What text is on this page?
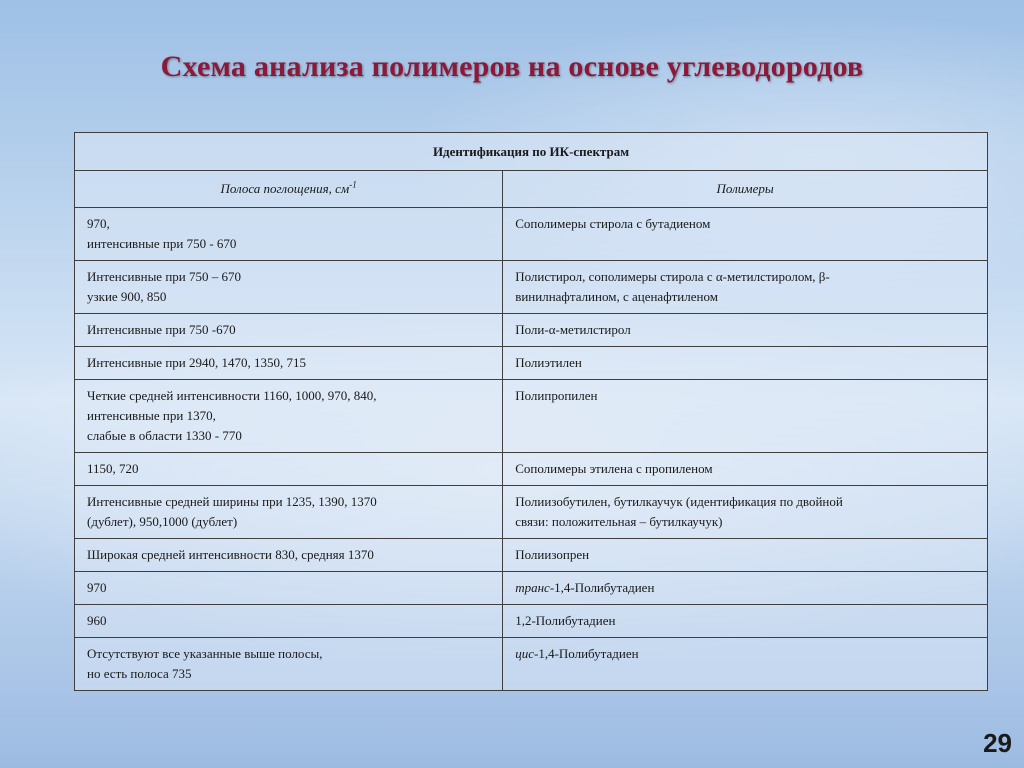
Схема анализа полимеров на основе углеводородов
Идентификация по ИК-спектрам	
Полоса поглощения, $см^{-1}$	Полимеры

970,
интенсивные при 750 - 670	Сополимеры стирола с бутадиеном

Интенсивные при 750 – 670
узкие 900, 850	Полистирол, сополимеры стирола с α-метилстиролом, β-
винилнафталином, с аценафтиленом

Интенсивные при 750 -670	Поли-α-метилстирол

Интенсивные при 2940, 1470, 1350, 715	Полиэтилен

Четкие средней интенсивности 1160, 1000, 970, 840,
интенсивные при 1370,
слабые в области 1330 - 770	Полипропилен

1150, 720	Сополимеры этилена с пропиленом

Интенсивные средней ширины при 1235, 1390, 1370
(дублет), 950,1000 (дублет)	Полиизобутилен, бутилкаучук (идентификация по двойной
связи: положительная – бутилкаучук)

Широкая средней интенсивности 830, средняя 1370	Полиизопрен

970	транс-1,4-Полибутадиен

960	1,2-Полибутадиен

Отсутствуют все указанные выше полосы,
но есть полоса 735	цис-1,4-Полибутадиен
29
